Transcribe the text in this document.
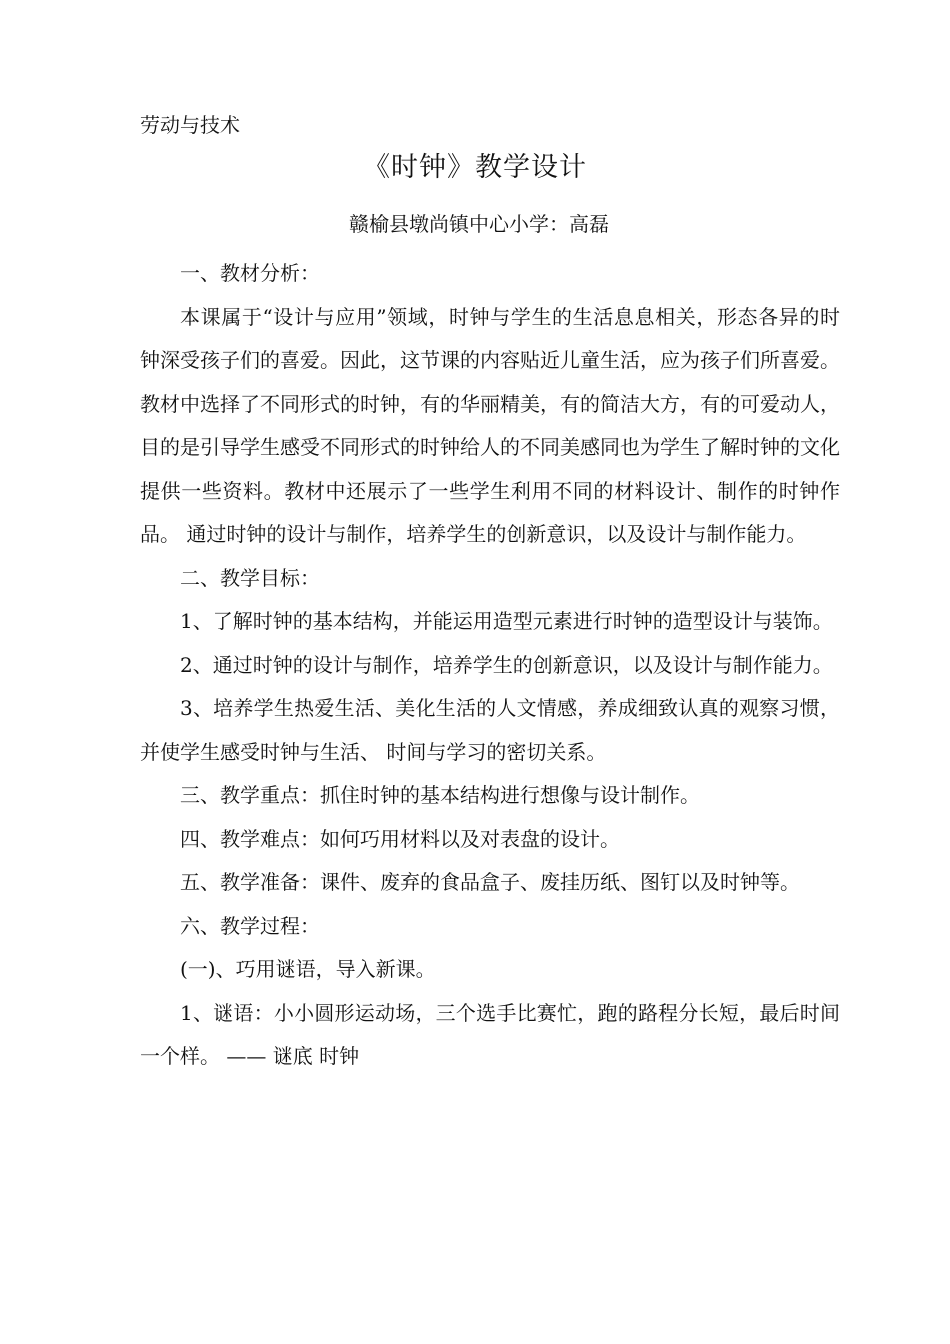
劳动与技术
《时钟》教学设计
赣榆县墩尚镇中心小学：高磊

一、教材分析：

本课属于“设计与应用”领域，时钟与学生的生活息息相关，形态各异的时钟深受孩子们的喜爱。因此，这节课的内容贴近儿童生活，应为孩子们所喜爱。 教材中选择了不同形式的时钟，有的华丽精美，有的简洁大方，有的可爱动人，目的是引导学生感受不同形式的时钟给人的不同美感同也为学生了解时钟的文化提供一些资料。教材中还展示了一些学生利用不同的材料设计、制作的时钟作品。 通过时钟的设计与制作，培养学生的创新意识，以及设计与制作能力。

二、教学目标：

1、了解时钟的基本结构，并能运用造型元素进行时钟的造型设计与装饰。

2、通过时钟的设计与制作，培养学生的创新意识，以及设计与制作能力。

3、培养学生热爱生活、美化生活的人文情感，养成细致认真的观察习惯，并使学生感受时钟与生活、 时间与学习的密切关系。

三、教学重点：抓住时钟的基本结构进行想像与设计制作。

四、教学难点：如何巧用材料以及对表盘的设计。

五、教学准备：课件、废弃的食品盒子、废挂历纸、图钉以及时钟等。

六、教学过程：

(一)、巧用谜语，导入新课。

1、谜语：小小圆形运动场，三个选手比赛忙，跑的路程分长短，最后时间一个样。 —— 谜底 时钟
